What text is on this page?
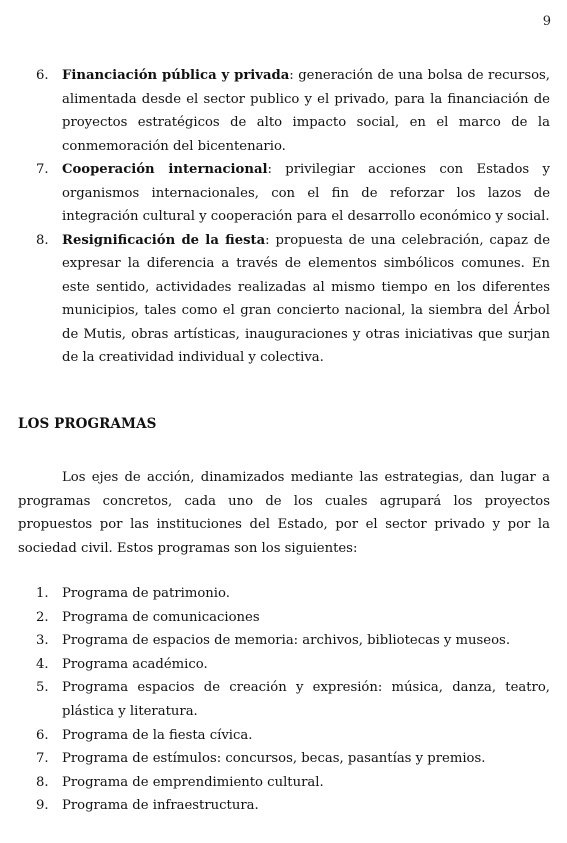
9
6. Financiación pública y privada: generación de una bolsa de recursos, alimentada desde el sector publico y el privado, para la financiación de proyectos estratégicos de alto impacto social, en el marco de la conmemoración del bicentenario.
7. Cooperación internacional: privilegiar acciones con Estados y organismos internacionales, con el fin de reforzar los lazos de integración cultural y cooperación para el desarrollo económico y social.
8. Resignificación de la fiesta: propuesta de una celebración, capaz de expresar la diferencia a través de elementos simbólicos comunes. En este sentido, actividades realizadas al mismo tiempo en los diferentes municipios, tales como el gran concierto nacional, la siembra del Árbol de Mutis, obras artísticas, inauguraciones y otras iniciativas que surjan de la creatividad individual y colectiva.
LOS PROGRAMAS

Los ejes de acción, dinamizados mediante las estrategias, dan lugar a programas concretos, cada uno de los cuales agrupará los proyectos propuestos por las instituciones del Estado, por el sector privado y por la sociedad civil. Estos programas son los siguientes:

1. Programa de patrimonio.
2. Programa de comunicaciones
3. Programa de espacios de memoria: archivos, bibliotecas y museos.
4. Programa académico.
5. Programa espacios de creación y expresión: música, danza, teatro, plástica y literatura.
6. Programa de la fiesta cívica.
7. Programa de estímulos: concursos, becas, pasantías y premios.
8. Programa de emprendimiento cultural.
9. Programa de infraestructura.
